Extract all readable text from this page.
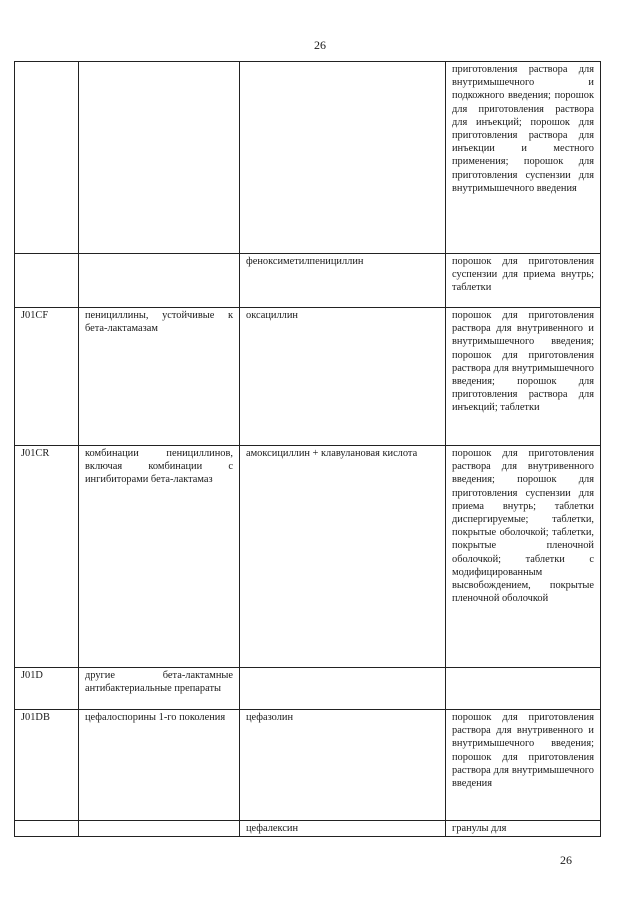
26
			приготовления раствора для внутримышечного и подкожного введения; порошок для приготовления раствора для инъекций; порошок для приготовления раствора для инъекции и местного применения; порошок для приготовления суспензии для внутримышечного введения
		феноксиметилпенициллин	порошок для приготовления суспензии для приема внутрь; таблетки
J01CF	пенициллины, устойчивые к бета-лактамазам	оксациллин	порошок для приготовления раствора для внутривенного и внутримышечного введения; порошок для приготовления раствора для внутримышечного введения; порошок для приготовления раствора для инъекций; таблетки
J01CR	комбинации пенициллинов, включая комбинации с ингибиторами бета-лактамаз	амоксициллин + клавулановая кислота	порошок для приготовления раствора для внутривенного введения; порошок для приготовления суспензии для приема внутрь; таблетки диспергируемые; таблетки, покрытые оболочкой; таблетки, покрытые пленочной оболочкой; таблетки с модифицированным высвобождением, покрытые пленочной оболочкой
J01D	другие бета-лактамные антибактериальные препараты		
J01DB	цефалоспорины 1-го поколения	цефазолин	порошок для приготовления раствора для внутривенного и внутримышечного введения; порошок для приготовления раствора для внутримышечного введения
		цефалексин	гранулы для
26
